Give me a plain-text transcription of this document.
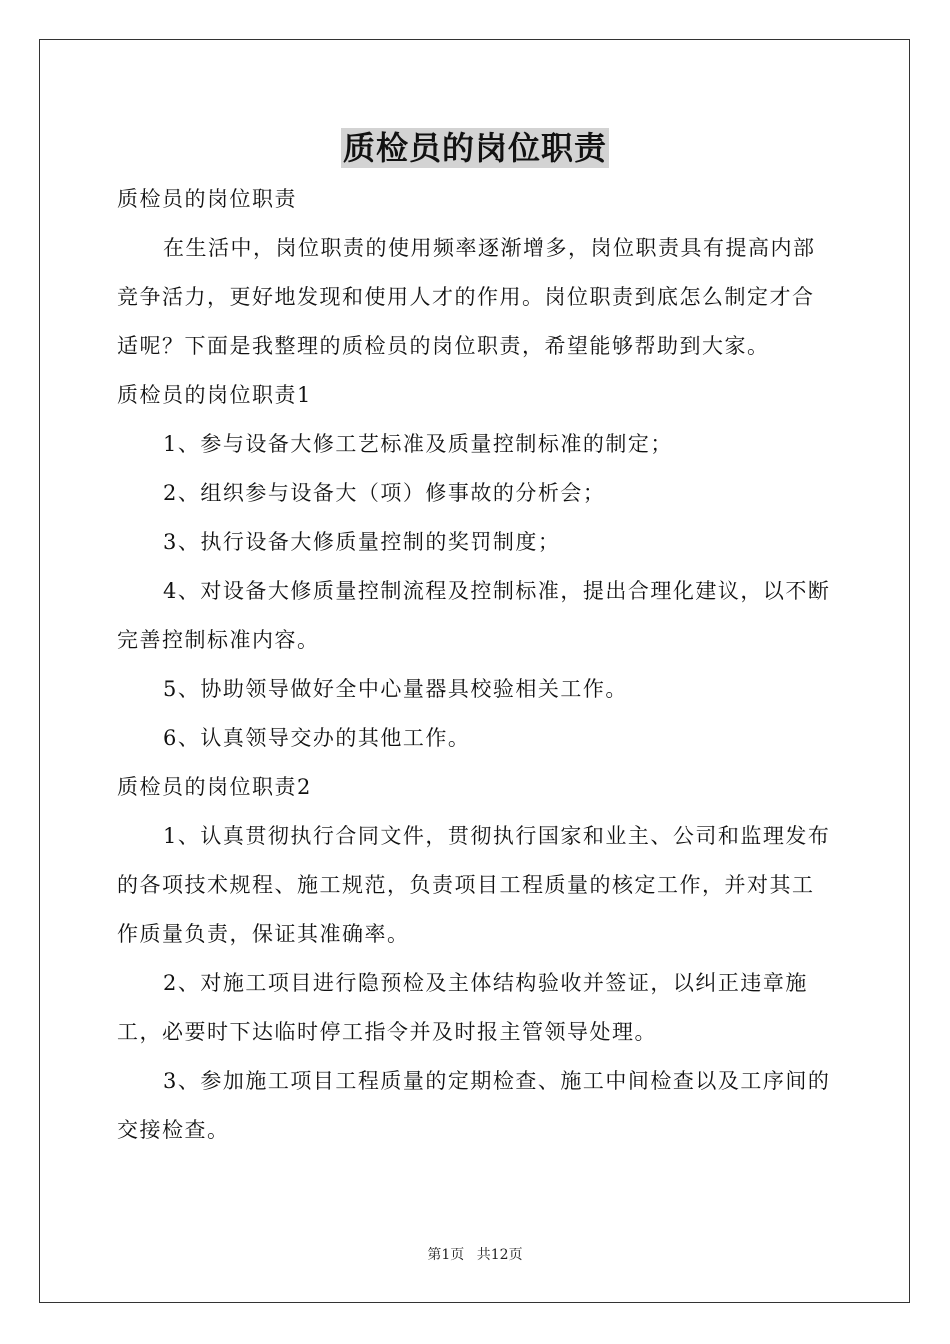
质检员的岗位职责

质检员的岗位职责

在生活中，岗位职责的使用频率逐渐增多，岗位职责具有提高内部竞争活力，更好地发现和使用人才的作用。岗位职责到底怎么制定才合适呢？下面是我整理的质检员的岗位职责，希望能够帮助到大家。

质检员的岗位职责1

1、参与设备大修工艺标准及质量控制标准的制定；

2、组织参与设备大（项）修事故的分析会；

3、执行设备大修质量控制的奖罚制度；

4、对设备大修质量控制流程及控制标准，提出合理化建议，以不断完善控制标准内容。

5、协助领导做好全中心量器具校验相关工作。

6、认真领导交办的其他工作。

质检员的岗位职责2

1、认真贯彻执行合同文件，贯彻执行国家和业主、公司和监理发布的各项技术规程、施工规范，负责项目工程质量的核定工作，并对其工作质量负责，保证其准确率。

2、对施工项目进行隐预检及主体结构验收并签证，以纠正违章施工，必要时下达临时停工指令并及时报主管领导处理。

3、参加施工项目工程质量的定期检查、施工中间检查以及工序间的交接检查。

第1页 共12页
